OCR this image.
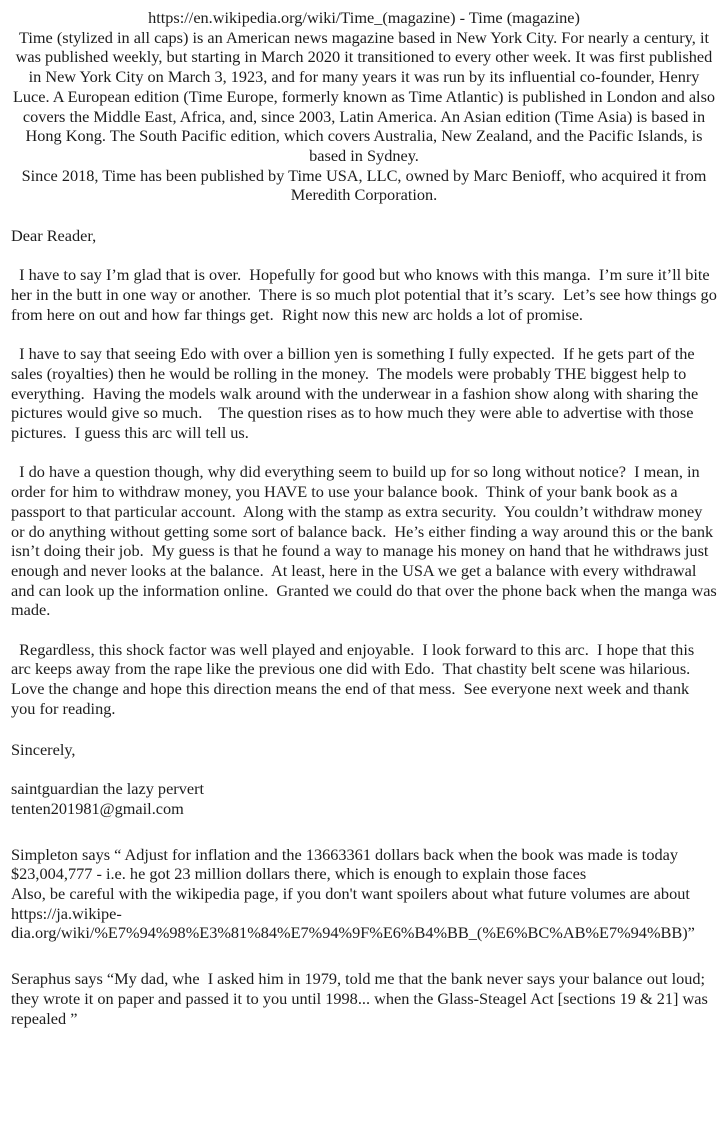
https://en.wikipedia.org/wiki/Time_(magazine) - Time (magazine)
Time (stylized in all caps) is an American news magazine based in New York City. For nearly a century, it was published weekly, but starting in March 2020 it transitioned to every other week. It was first published in New York City on March 3, 1923, and for many years it was run by its influential co-founder, Henry Luce. A European edition (Time Europe, formerly known as Time Atlantic) is published in London and also covers the Middle East, Africa, and, since 2003, Latin America. An Asian edition (Time Asia) is based in Hong Kong. The South Pacific edition, which covers Australia, New Zealand, and the Pacific Islands, is based in Sydney.
Since 2018, Time has been published by Time USA, LLC, owned by Marc Benioff, who acquired it from Meredith Corporation.
Dear Reader,

I have to say I’m glad that is over.  Hopefully for good but who knows with this manga.  I’m sure it’ll bite her in the butt in one way or another.  There is so much plot potential that it’s scary.  Let’s see how things go from here on out and how far things get.  Right now this new arc holds a lot of promise.

I have to say that seeing Edo with over a billion yen is something I fully expected.  If he gets part of the sales (royalties) then he would be rolling in the money.  The models were probably THE biggest help to everything.  Having the models walk around with the underwear in a fashion show along with sharing the pictures would give so much.    The question rises as to how much they were able to advertise with those pictures.  I guess this arc will tell us.

I do have a question though, why did everything seem to build up for so long without notice?  I mean, in order for him to withdraw money, you HAVE to use your balance book.  Think of your bank book as a passport to that particular account.  Along with the stamp as extra security.  You couldn’t withdraw money or do anything without getting some sort of balance back.  He’s either finding a way around this or the bank isn’t doing their job.  My guess is that he found a way to manage his money on hand that he withdraws just enough and never looks at the balance.  At least, here in the USA we get a balance with every withdrawal and can look up the information online.  Granted we could do that over the phone back when the manga was made.

Regardless, this shock factor was well played and enjoyable.  I look forward to this arc.  I hope that this arc keeps away from the rape like the previous one did with Edo.  That chastity belt scene was hilarious.  Love the change and hope this direction means the end of that mess.  See everyone next week and thank you for reading.

Sincerely,
saintguardian the lazy pervert
tenten201981@gmail.com
Simpleton says “ Adjust for inflation and the 13663361 dollars back when the book was made is today $23,004,777 - i.e. he got 23 million dollars there, which is enough to explain those faces
Also, be careful with the wikipedia page, if you don't want spoilers about what future volumes are about
https://ja.wikipe-
dia.org/wiki/%E7%94%98%E3%81%84%E7%94%9F%E6%B4%BB_(%E6%BC%AB%E7%94%BB)”
Seraphus says “My dad, whe  I asked him in 1979, told me that the bank never says your balance out loud; they wrote it on paper and passed it to you until 1998... when the Glass-Steagel Act [sections 19 & 21] was repealed ”
